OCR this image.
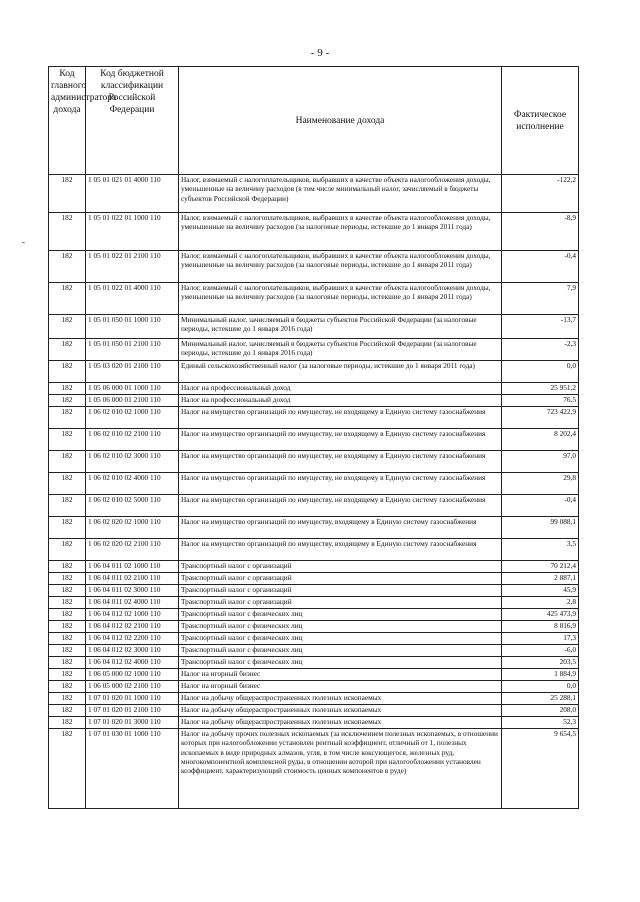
- 9 -
-
Код главного администратора дохода	Код бюджетной классификации Российской Федерации	Наименование дохода	Фактическое исполнение
182	1 05 01 021 01 4000 110	Налог, взимаемый с налогоплательщиков, выбравших в качестве объекта налогообложения доходы, уменьшенные на величину расходов (в том числе минимальный налог, зачисляемый в бюджеты субъектов Российской Федерации)	-122,2
182	1 05 01 022 01 1000 110	Налог, взимаемый с налогоплательщиков, выбравших в качестве объекта налогообложения доходы, уменьшенные на величину расходов (за налоговые периоды, истекшие до 1 января 2011 года)	-8,9
182	1 05 01 022 01 2100 110	Налог, взимаемый с налогоплательщиков, выбравших в качестве объекта налогообложения доходы, уменьшенные на величину расходов (за налоговые периоды, истекшие до 1 января 2011 года)	-0,4
182	1 05 01 022 01 4000 110	Налог, взимаемый с налогоплательщиков, выбравших в качестве объекта налогообложения доходы, уменьшенные на величину расходов (за налоговые периоды, истекшие до 1 января 2011 года)	7,9
182	1 05 01 050 01 1000 110	Минимальный налог, зачисляемый в бюджеты субъектов Российской Федерации (за налоговые периоды, истекшие до 1 января 2016 года)	-13,7
182	1 05 01 050 01 2100 110	Минимальный налог, зачисляемый в бюджеты субъектов Российской Федерации (за налоговые периоды, истекшие до 1 января 2016 года)	-2,3
182	1 05 03 020 01 2100 110	Единый сельскохозяйственный налог (за налоговые периоды, истекшие до 1 января 2011 года)	0,0
182	1 05 06 000 01 1000 110	Налог на профессиональный доход	25 951,2
182	1 05 06 000 01 2100 110	Налог на профессиональный доход	76,5
182	1 06 02 010 02 1000 110	Налог на имущество организаций по имуществу, не входящему в Единую систему газоснабжения	723 422,9
182	1 06 02 010 02 2100 110	Налог на имущество организаций по имуществу, не входящему в Единую систему газоснабжения	8 202,4
182	1 06 02 010 02 3000 110	Налог на имущество организаций по имуществу, не входящему в Единую систему газоснабжения	97,0
182	1 06 02 010 02 4000 110	Налог на имущество организаций по имуществу, не входящему в Единую систему газоснабжения	29,8
182	1 06 02 010 02 5000 110	Налог на имущество организаций по имуществу, не входящему в Единую систему газоснабжения	-0,4
182	1 06 02 020 02 1000 110	Налог на имущество организаций по имуществу, входящему в Единую систему газоснабжения	99 088,1
182	1 06 02 020 02 2100 110	Налог на имущество организаций по имуществу, входящему в Единую систему газоснабжения	3,5
182	1 06 04 011 02 1000 110	Транспортный налог с организаций	70 212,4
182	1 06 04 011 02 2100 110	Транспортный налог с организаций	2 887,1
182	1 06 04 011 02 3000 110	Транспортный налог с организаций	45,9
182	1 06 04 011 02 4000 110	Транспортный налог с организаций	2,8
182	1 06 04 012 02 1000 110	Транспортный налог с физических лиц	425 473,9
182	1 06 04 012 02 2100 110	Транспортный налог с физических лиц	8 816,9
182	1 06 04 012 02 2200 110	Транспортный налог с физических лиц	17,3
182	1 06 04 012 02 3000 110	Транспортный налог с физических лиц	-6,0
182	1 06 04 012 02 4000 110	Транспортный налог с физических лиц	203,5
182	1 06 05 000 02 1000 110	Налог на игорный бизнес	1 884,9
182	1 06 05 000 02 2100 110	Налог на игорный бизнес	0,0
182	1 07 01 020 01 1000 110	Налог на добычу общераспространенных полезных ископаемых	25 288,1
182	1 07 01 020 01 2100 110	Налог на добычу общераспространенных полезных ископаемых	208,0
182	1 07 01 020 01 3000 110	Налог на добычу общераспространенных полезных ископаемых	52,3
182	1 07 01 030 01 1000 110	Налог на добычу прочих полезных ископаемых (за исключением полезных ископаемых, в отношении которых при налогообложении установлен рентный коэффициент, отличный от 1, полезных ископаемых в виде природных алмазов, угля, в том числе коксующегося, железных руд, многокомпонентной комплексной руды, в отношении которой при налогообложении установлен коэффициент, характеризующий стоимость ценных компонентов в руде)	9 654,5
